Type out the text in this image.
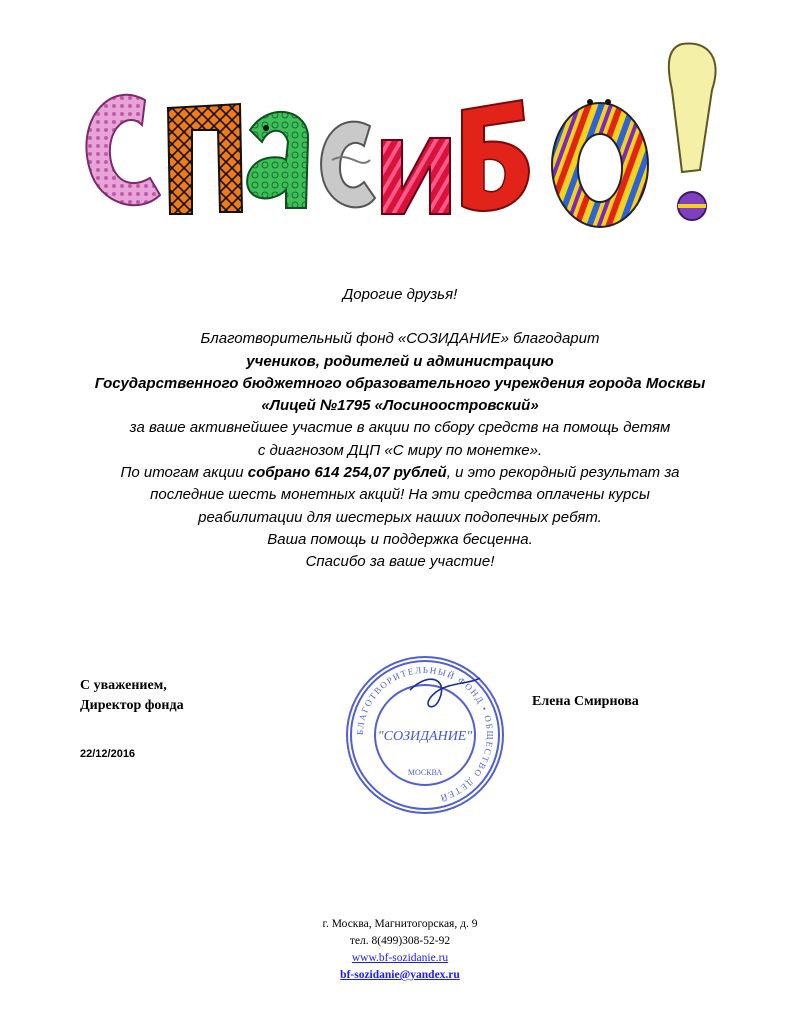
Дорогие друзья!
Благотворительный фонд «СОЗИДАНИЕ» благодарит
учеников, родителей и администрацию
Государственного бюджетного образовательного учреждения города Москвы
«Лицей №1795 «Лосиноостровский»
за ваше активнейшее участие в акции по сбору средств на помощь детям
с диагнозом ДЦП «С миру по монетке».
По итогам акции собрано 614 254,07 рублей, и это рекордный результат за
последние шесть монетных акций! На эти средства оплачены курсы
реабилитации для шестерых наших подопечных ребят.
Ваша помощь и поддержка бесценна.
Спасибо за ваше участие!
С уважением,
Директор фонда	Елена Смирнова
22/12/2016
БЛАГОТВОРИТЕЛЬНЫЙ ФОНД • ОБЩЕСТВО ДЕТЕЙ
"СОЗИДАНИЕ"
МОСКВА
г. Москва, Магнитогорская, д. 9
тел. 8(499)308-52-92
www.bf-sozidanie.ru
bf-sozidanie@yandex.ru
